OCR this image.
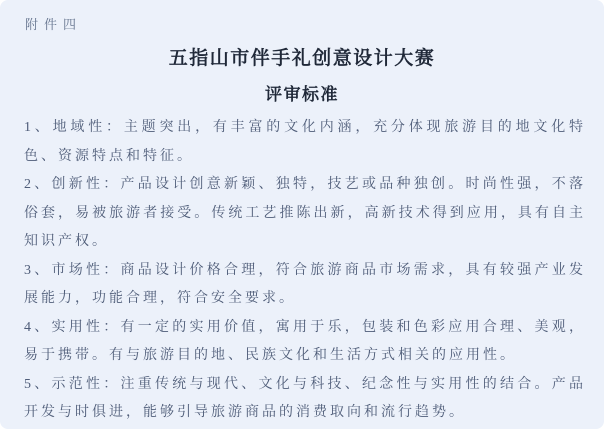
附件四
五指山市伴手礼创意设计大赛
评审标准

1、地域性：主题突出，有丰富的文化内涵，充分体现旅游目的地文化特色、资源特点和特征。

2、创新性：产品设计创意新颖、独特，技艺或品种独创。时尚性强，不落俗套，易被旅游者接受。传统工艺推陈出新，高新技术得到应用，具有自主知识产权。

3、市场性：商品设计价格合理，符合旅游商品市场需求，具有较强产业发展能力，功能合理，符合安全要求。

4、实用性：有一定的实用价值，寓用于乐，包装和色彩应用合理、美观，易于携带。有与旅游目的地、民族文化和生活方式相关的应用性。

5、示范性：注重传统与现代、文化与科技、纪念性与实用性的结合。产品开发与时俱进，能够引导旅游商品的消费取向和流行趋势。
